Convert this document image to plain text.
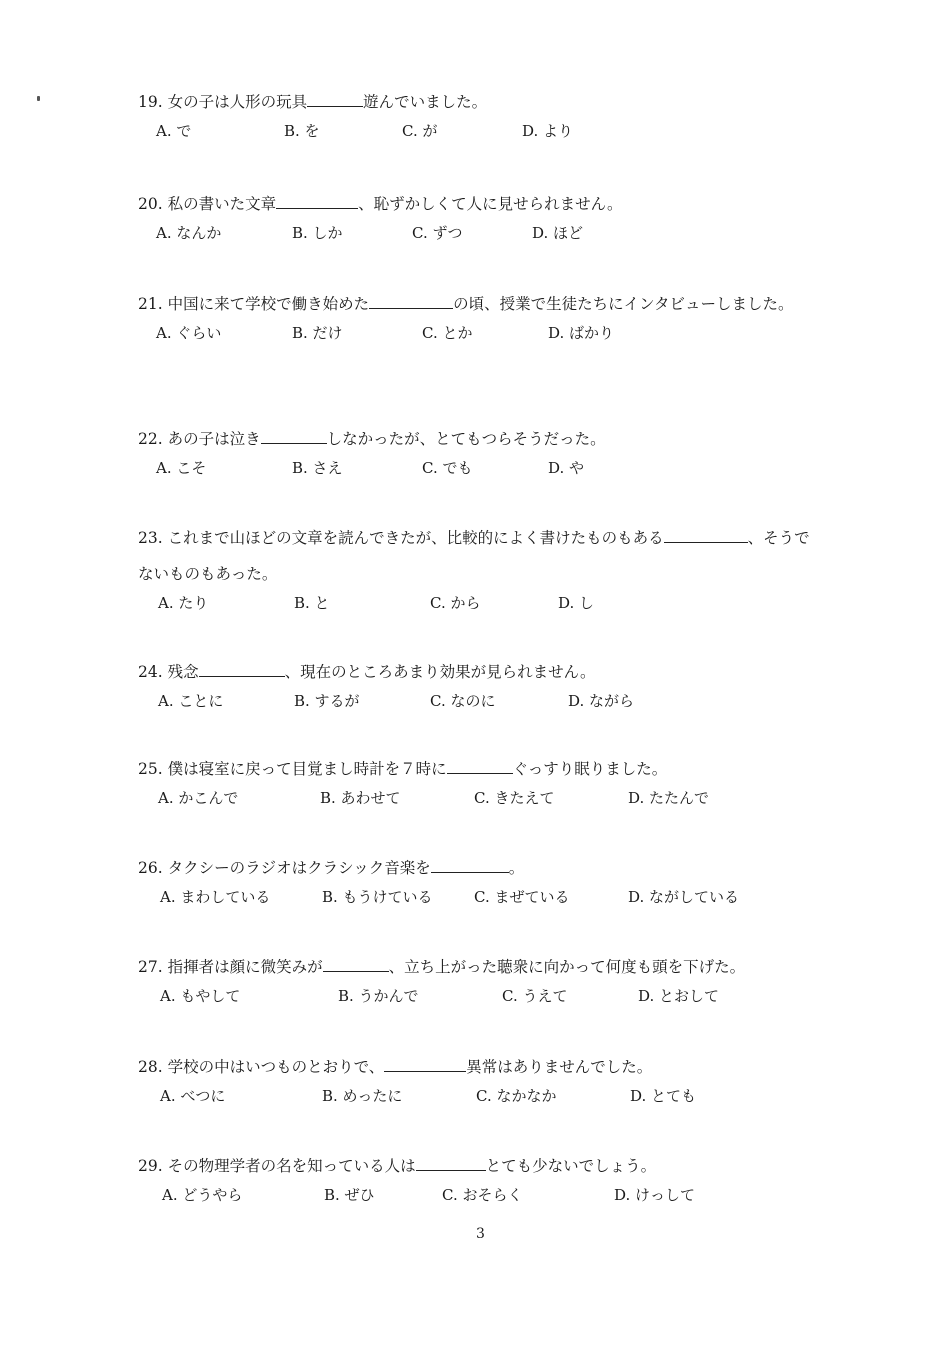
19. 女の子は人形の玩具	遊んでいました。
A. で	B. を	C. が	D. より
20. 私の書いた文章	、恥ずかしくて人に見せられません。
A. なんか	B. しか	C. ずつ	D. ほど
21. 中国に来て学校で働き始めた	の頃、授業で生徒たちにインタビューしました。
A. ぐらい	B. だけ	C. とか	D. ばかり
22. あの子は泣き	しなかったが、とてもつらそうだった。
A. こそ	B. さえ	C. でも	D. や
23. これまで山ほどの文章を読んできたが、比較的によく書けたものもある	、そうでないものもあった。
A. たり	B. と	C. から	D. し
24. 残念	、現在のところあまり効果が見られません。
A. ことに	B. するが	C. なのに	D. ながら
25. 僕は寝室に戻って目覚まし時計を７時に	ぐっすり眠りました。
A. かこんで	B. あわせて	C. きたえて	D. たたんで
26. タクシーのラジオはクラシック音楽を	。
A. まわしている	B. もうけている	C. まぜている	D. ながしている
27. 指揮者は顔に微笑みが	、立ち上がった聴衆に向かって何度も頭を下げた。
A. もやして	B. うかんで	C. うえて	D. とおして
28. 学校の中はいつものとおりで、	異常はありませんでした。
A. べつに	B. めったに	C. なかなか	D. とても
29. その物理学者の名を知っている人は	とても少ないでしょう。
A. どうやら	B. ぜひ	C. おそらく	D. けっして
3
